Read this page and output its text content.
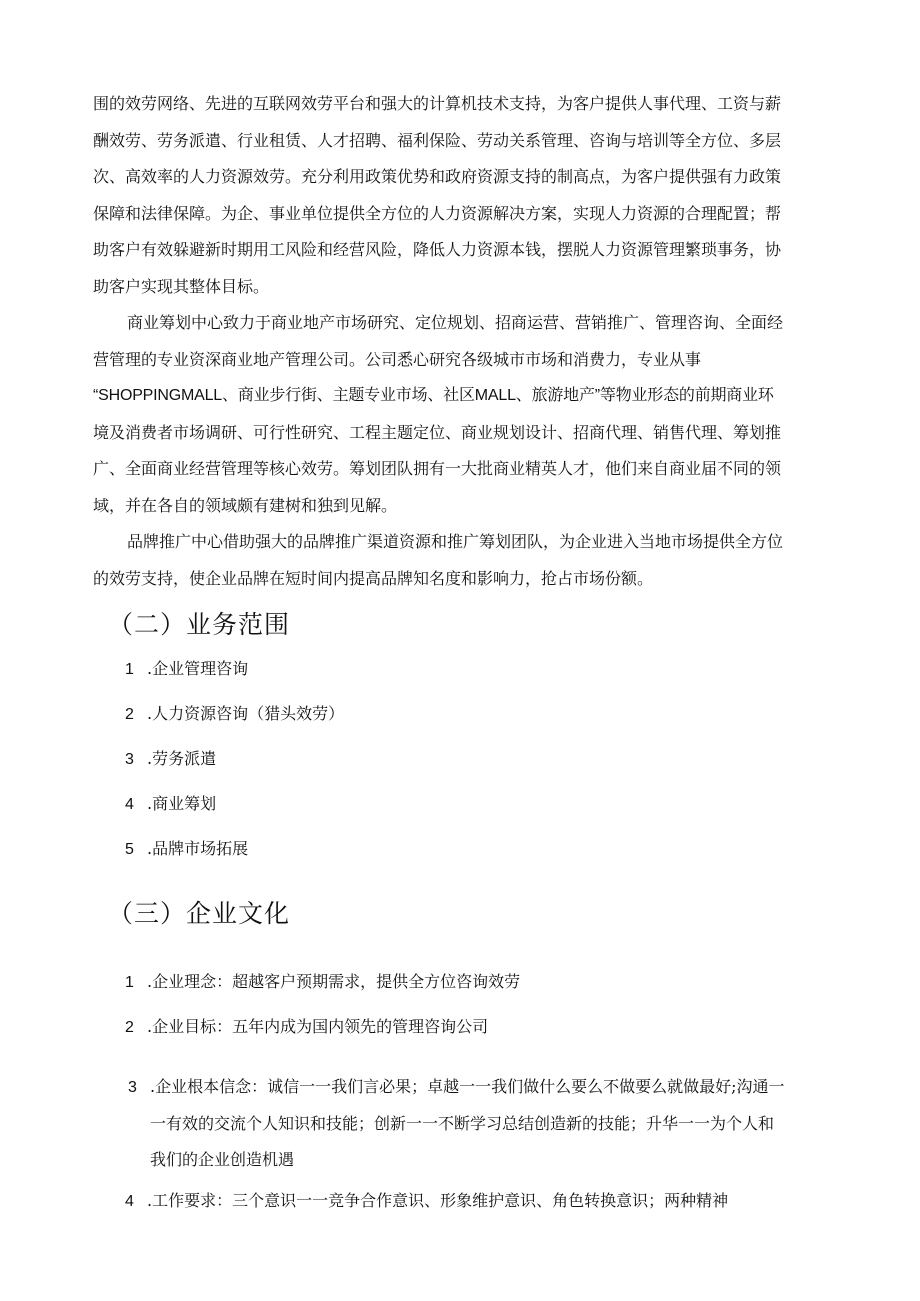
围的效劳网络、先进的互联网效劳平台和强大的计算机技术支持，为客户提供人事代理、工资与薪
酬效劳、劳务派遣、行业租赁、人才招聘、福利保险、劳动关系管理、咨询与培训等全方位、多层
次、高效率的人力资源效劳。充分利用政策优势和政府资源支持的制高点，为客户提供强有力政策
保障和法律保障。为企、事业单位提供全方位的人力资源解决方案，实现人力资源的合理配置；帮
助客户有效躲避新时期用工风险和经营风险，降低人力资源本钱，摆脱人力资源管理繁琐事务，协
助客户实现其整体目标。

商业筹划中心致力于商业地产市场研究、定位规划、招商运营、营销推广、管理咨询、全面经
营管理的专业资深商业地产管理公司。公司悉心研究各级城市市场和消费力，专业从事
“SHOPPINGMALL、商业步行街、主题专业市场、社区MALL、旅游地产”等物业形态的前期商业环
境及消费者市场调研、可行性研究、工程主题定位、商业规划设计、招商代理、销售代理、筹划推
广、全面商业经营管理等核心效劳。筹划团队拥有一大批商业精英人才，他们来自商业届不同的领
域，并在各自的领域颇有建树和独到见解。

品牌推广中心借助强大的品牌推广渠道资源和推广筹划团队，为企业进入当地市场提供全方位
的效劳支持，使企业品牌在短时间内提高品牌知名度和影响力，抢占市场份额。

（二）业务范围
1 .企业管理咨询
2 .人力资源咨询（猎头效劳）
3 .劳务派遣
4 .商业筹划
5 .品牌市场拓展
（三）企业文化
1 .企业理念：超越客户预期需求，提供全方位咨询效劳
2 .企业目标：五年内成为国内领先的管理咨询公司
3 .企业根本信念：诚信一一我们言必果；卓越一一我们做什么要么不做要么就做最好;沟通一
一有效的交流个人知识和技能；创新一一不断学习总结创造新的技能；升华一一为个人和
我们的企业创造机遇
4 .工作要求：三个意识一一竞争合作意识、形象维护意识、角色转换意识；两种精神
